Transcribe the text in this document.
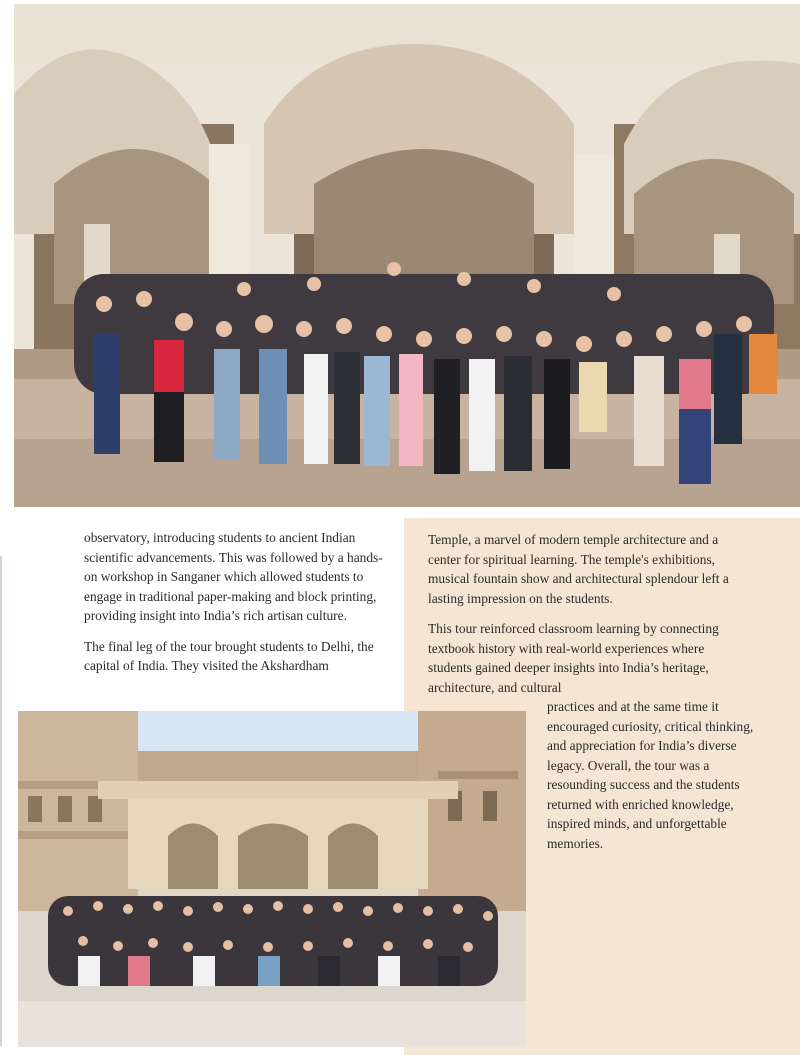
observatory, introducing students to ancient Indian scientific advancements. This was followed by a hands-on workshop in Sanganer which allowed students to engage in traditional paper-making and block printing, providing insight into India’s rich artisan culture.

The final leg of the tour brought students to Delhi, the capital of India. They visited the Akshardham

Temple, a marvel of modern temple architecture and a center for spiritual learning. The temple's exhibitions, musical fountain show and architectural splendour left a lasting impression on the students.

This tour reinforced classroom learning by connecting textbook history with real-world experiences where students gained deeper insights into India’s heritage, architecture, and cultural

practices and at the same time it encouraged curiosity, critical thinking, and appreciation for India’s diverse legacy. Overall, the tour was a resounding success and the students returned with enriched knowledge, inspired minds, and unforgettable memories.
